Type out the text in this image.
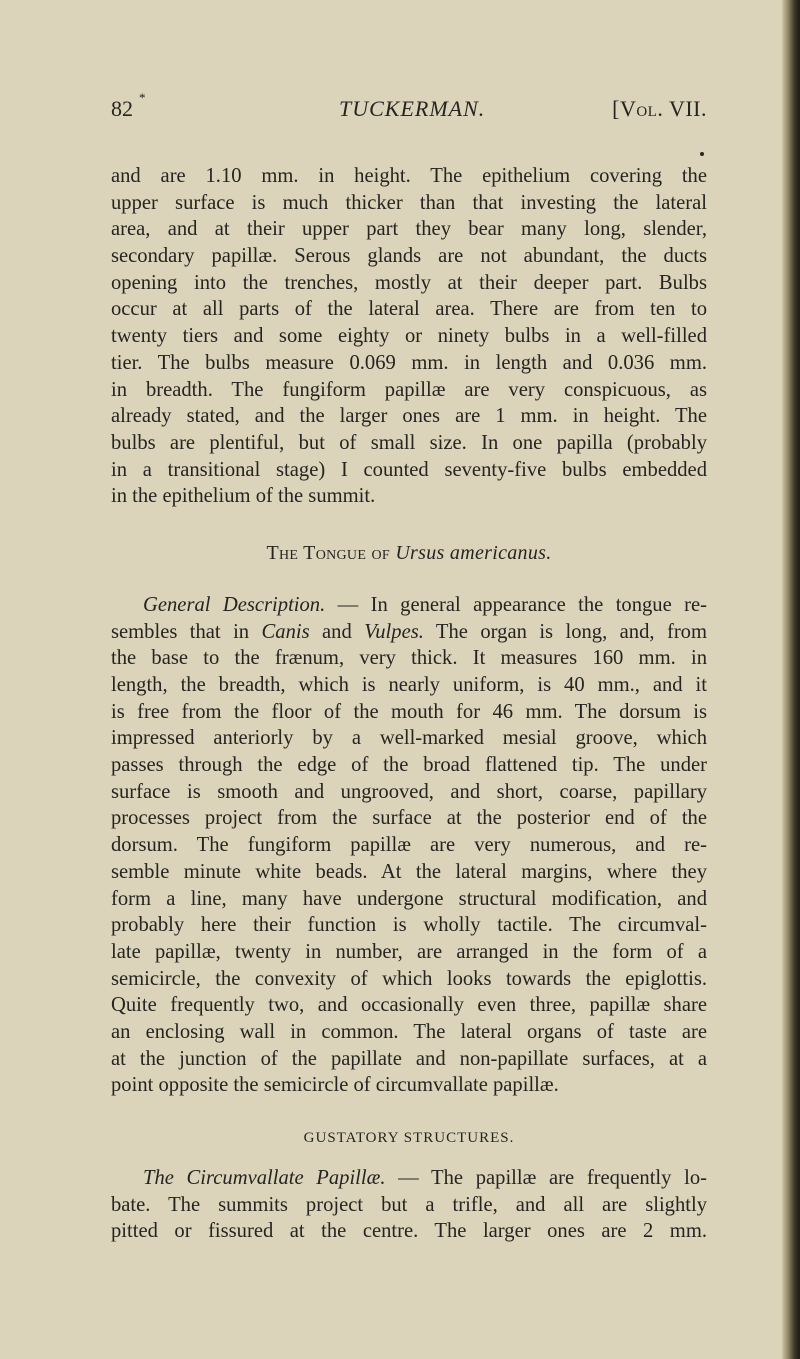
82 *	TUCKERMAN.	[Vol. VII.
and are 1.10 mm. in height. The epithelium covering the
upper surface is much thicker than that investing the lateral
area, and at their upper part they bear many long, slender,
secondary papillæ. Serous glands are not abundant, the ducts
opening into the trenches, mostly at their deeper part. Bulbs
occur at all parts of the lateral area. There are from ten to
twenty tiers and some eighty or ninety bulbs in a well-filled
tier. The bulbs measure 0.069 mm. in length and 0.036 mm.
in breadth. The fungiform papillæ are very conspicuous, as
already stated, and the larger ones are 1 mm. in height. The
bulbs are plentiful, but of small size. In one papilla (probably
in a transitional stage) I counted seventy-five bulbs embedded
in the epithelium of the summit.
The Tongue of Ursus americanus.
General Description. — In general appearance the tongue re-
sembles that in Canis and Vulpes. The organ is long, and, from
the base to the frænum, very thick. It measures 160 mm. in
length, the breadth, which is nearly uniform, is 40 mm., and it
is free from the floor of the mouth for 46 mm. The dorsum is
impressed anteriorly by a well-marked mesial groove, which
passes through the edge of the broad flattened tip. The under
surface is smooth and ungrooved, and short, coarse, papillary
processes project from the surface at the posterior end of the
dorsum. The fungiform papillæ are very numerous, and re-
semble minute white beads. At the lateral margins, where they
form a line, many have undergone structural modification, and
probably here their function is wholly tactile. The circumval-
late papillæ, twenty in number, are arranged in the form of a
semicircle, the convexity of which looks towards the epiglottis.
Quite frequently two, and occasionally even three, papillæ share
an enclosing wall in common. The lateral organs of taste are
at the junction of the papillate and non-papillate surfaces, at a
point opposite the semicircle of circumvallate papillæ.
GUSTATORY STRUCTURES.
The Circumvallate Papillæ. — The papillæ are frequently lo-
bate. The summits project but a trifle, and all are slightly
pitted or fissured at the centre. The larger ones are 2 mm.
